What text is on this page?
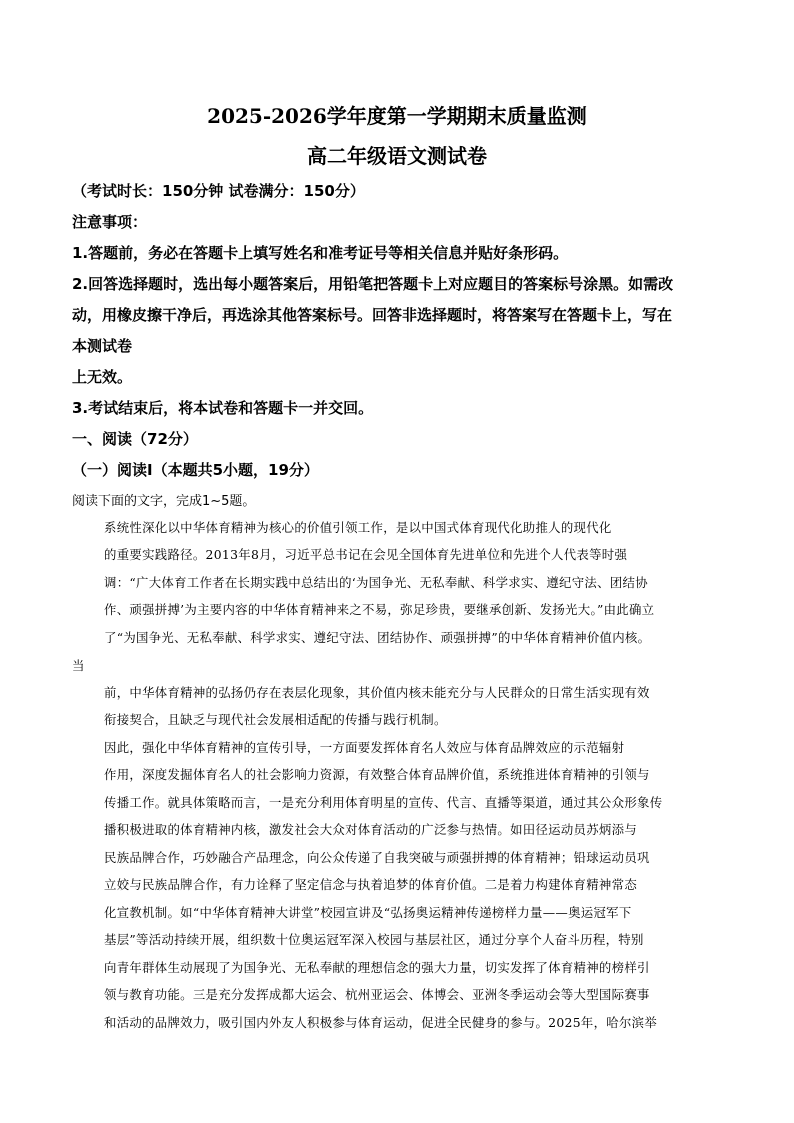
2025-2026学年度第一学期期末质量监测
高二年级语文测试卷
（考试时长：150分钟 试卷满分：150分）
注意事项：
1.答题前，务必在答题卡上填写姓名和准考证号等相关信息并贴好条形码。
2.回答选择题时，选出每小题答案后，用铅笔把答题卡上对应题目的答案标号涂黑。如需改
动，用橡皮擦干净后，再选涂其他答案标号。回答非选择题时，将答案写在答题卡上，写在
本测试卷
上无效。
3.考试结束后，将本试卷和答题卡一并交回。
一、阅读（72分）
（一）阅读Ⅰ（本题共5小题，19分）
阅读下面的文字，完成1~5题。
系统性深化以中华体育精神为核心的价值引领工作，是以中国式体育现代化助推人的现代化
的重要实践路径。2013年8月，习近平总书记在会见全国体育先进单位和先进个人代表等时强
调：“广大体育工作者在长期实践中总结出的‘为国争光、无私奉献、科学求实、遵纪守法、团结协
作、顽强拼搏’为主要内容的中华体育精神来之不易，弥足珍贵，要继承创新、发扬光大。”由此确立
了“为国争光、无私奉献、科学求实、遵纪守法、团结协作、顽强拼搏”的中华体育精神价值内核。
当
前，中华体育精神的弘扬仍存在表层化现象，其价值内核未能充分与人民群众的日常生活实现有效
衔接契合，且缺乏与现代社会发展相适配的传播与践行机制。
因此，强化中华体育精神的宣传引导，一方面要发挥体育名人效应与体育品牌效应的示范辐射
作用，深度发掘体育名人的社会影响力资源，有效整合体育品牌价值，系统推进体育精神的引领与
传播工作。就具体策略而言，一是充分利用体育明星的宣传、代言、直播等渠道，通过其公众形象传
播积极进取的体育精神内核，激发社会大众对体育活动的广泛参与热情。如田径运动员苏炳添与
民族品牌合作，巧妙融合产品理念，向公众传递了自我突破与顽强拼搏的体育精神；铅球运动员巩
立姣与民族品牌合作，有力诠释了坚定信念与执着追梦的体育价值。二是着力构建体育精神常态
化宣教机制。如“中华体育精神大讲堂”校园宣讲及“弘扬奥运精神传递榜样力量——奥运冠军下
基层”等活动持续开展，组织数十位奥运冠军深入校园与基层社区，通过分享个人奋斗历程，特别
向青年群体生动展现了为国争光、无私奉献的理想信念的强大力量，切实发挥了体育精神的榜样引
领与教育功能。三是充分发挥成都大运会、杭州亚运会、体博会、亚洲冬季运动会等大型国际赛事
和活动的品牌效力，吸引国内外友人积极参与体育运动，促进全民健身的参与。2025年，哈尔滨举
